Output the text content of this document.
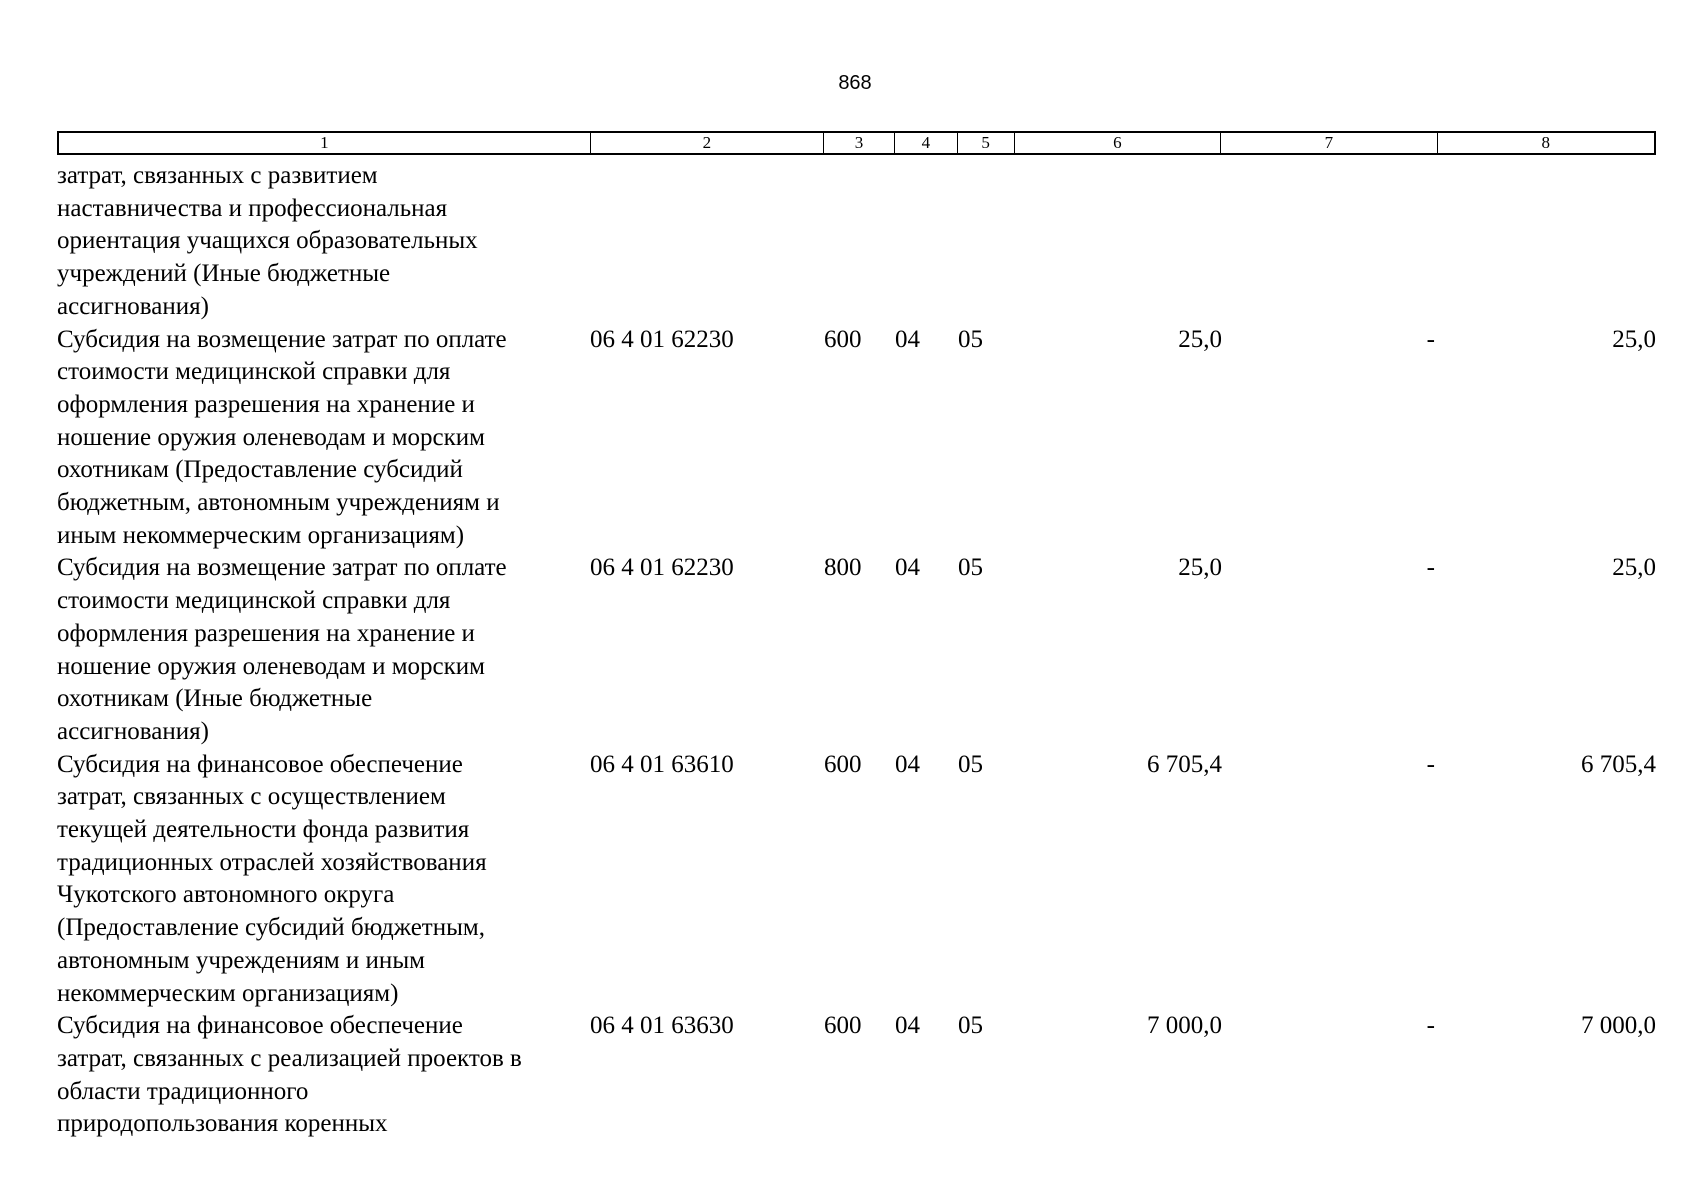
868
1	2	3	4	5	6	7	8
затрат, связанных с развитием
наставничества и профессиональная
ориентация учащихся образовательных
учреждений (Иные бюджетные
ассигнования)
Субсидия на возмещение затрат по оплате
стоимости медицинской справки для
оформления разрешения на хранение и
ношение оружия оленеводам и морским
охотникам (Предоставление субсидий
бюджетным, автономным учреждениям и
иным некоммерческим организациям)
06 4 01 62230	600	04	05	25,0	-	25,0
Субсидия на возмещение затрат по оплате
стоимости медицинской справки для
оформления разрешения на хранение и
ношение оружия оленеводам и морским
охотникам (Иные бюджетные
ассигнования)
06 4 01 62230	800	04	05	25,0	-	25,0
Субсидия на финансовое обеспечение
затрат, связанных с осуществлением
текущей деятельности фонда развития
традиционных отраслей хозяйствования
Чукотского автономного округа
(Предоставление субсидий бюджетным,
автономным учреждениям и иным
некоммерческим организациям)
06 4 01 63610	600	04	05	6 705,4	-	6 705,4
Субсидия на финансовое обеспечение
затрат, связанных с реализацией проектов в
области традиционного
природопользования коренных
06 4 01 63630	600	04	05	7 000,0	-	7 000,0
